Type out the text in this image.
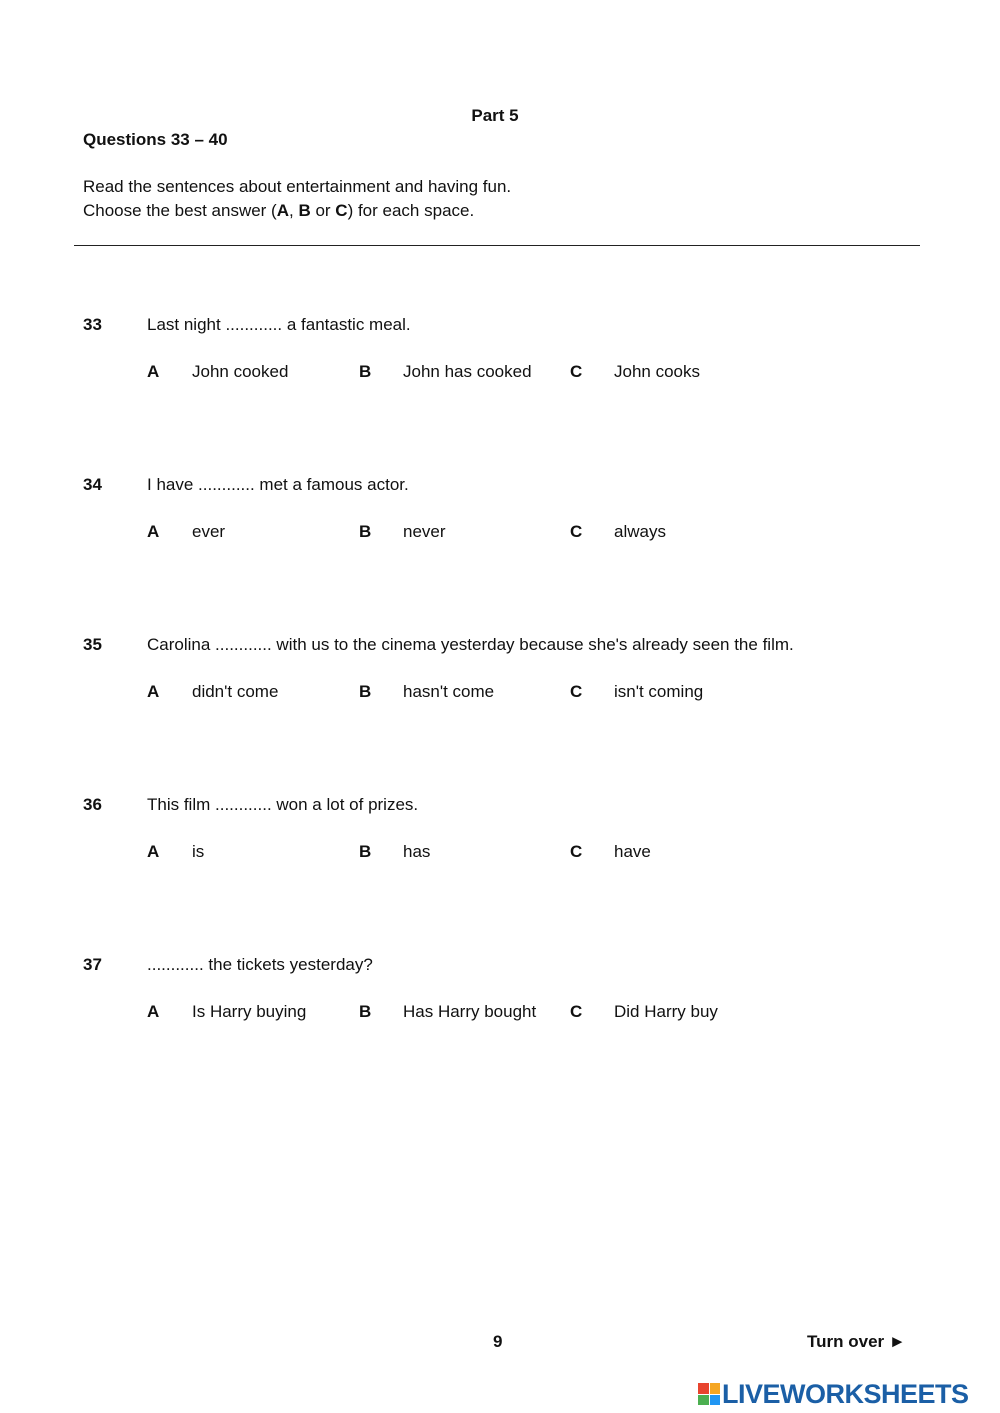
Part 5
Questions 33 – 40
Read the sentences about entertainment and having fun.
Choose the best answer (A, B or C) for each space.
33	Last night ............ a fantastic meal.
A John cooked	B John has cooked C John cooks
34	I have ............ met a famous actor.
A ever	B never	C always
35	Carolina ............ with us to the cinema yesterday because she's already seen the film.
A didn't come	B hasn't come	C isn't coming
36	This film ............ won a lot of prizes.
A is	B has	C have
37	............ the tickets yesterday?
A Is Harry buying	B Has Harry bought C Did Harry buy
9	Turn over ►
LIVEWORKSHEETS
